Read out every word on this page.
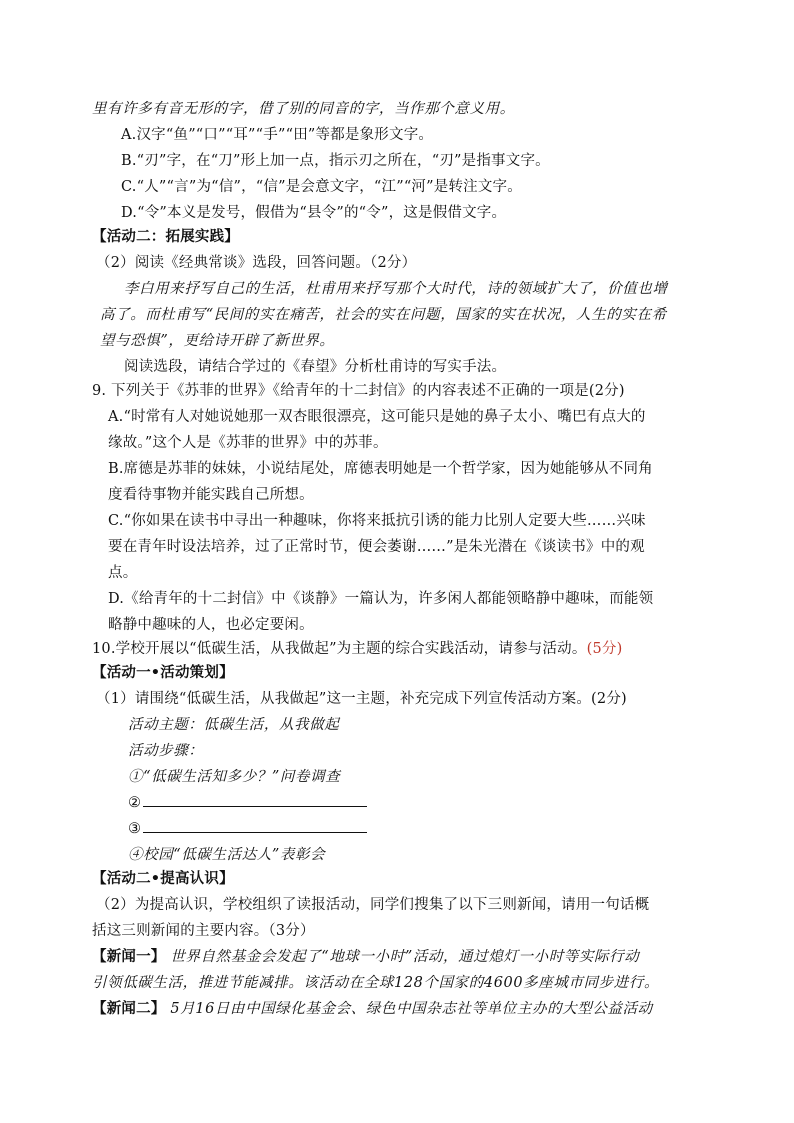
里有许多有音无形的字，借了别的同音的字，当作那个意义用。
A.汉字“鱼”“口”“耳”“手”“田”等都是象形文字。
B.“刃”字，在“刀”形上加一点，指示刃之所在，“刃”是指事文字。
C.“人”“言”为“信”，“信”是会意文字，“江”“河”是转注文字。
D.“令”本义是发号，假借为“县令”的“令”，这是假借文字。
【活动二：拓展实践】
（2）阅读《经典常谈》选段，回答问题。（2分）
李白用来抒写自己的生活，杜甫用来抒写那个大时代，诗的领域扩大了，价值也增
高了。而杜甫写“民间的实在痛苦，社会的实在问题，国家的实在状况，人生的实在希
望与恐惧”，更给诗开辟了新世界。
阅读选段，请结合学过的《春望》分析杜甫诗的写实手法。
9. 下列关于《苏菲的世界》《给青年的十二封信》的内容表述不正确的一项是(2分)
A.“时常有人对她说她那一双杏眼很漂亮，这可能只是她的鼻子太小、嘴巴有点大的
缘故。”这个人是《苏菲的世界》中的苏菲。
B.席德是苏菲的妹妹，小说结尾处，席德表明她是一个哲学家，因为她能够从不同角
度看待事物并能实践自己所想。
C.“你如果在读书中寻出一种趣味，你将来抵抗引诱的能力比别人定要大些……兴味
要在青年时设法培养，过了正常时节，便会萎谢……”是朱光潜在《谈读书》中的观
点。
D.《给青年的十二封信》中《谈静》一篇认为，许多闲人都能领略静中趣味，而能领
略静中趣味的人，也必定要闲。
10.学校开展以“低碳生活，从我做起”为主题的综合实践活动，请参与活动。(5分)
【活动一•活动策划】
（1）请围绕“低碳生活，从我做起”这一主题，补充完成下列宣传活动方案。(2分)
活动主题：低碳生活，从我做起
活动步骤：
①“低碳生活知多少？”问卷调查
②
③
④校园“低碳生活达人”表彰会
【活动二•提高认识】
（2）为提高认识，学校组织了读报活动，同学们搜集了以下三则新闻，请用一句话概
括这三则新闻的主要内容。（3分）
【新闻一】 世界自然基金会发起了“地球一小时”活动，通过熄灯一小时等实际行动
引领低碳生活，推进节能减排。该活动在全球128个国家的4600多座城市同步进行。
【新闻二】 5月16日由中国绿化基金会、绿色中国杂志社等单位主办的大型公益活动
